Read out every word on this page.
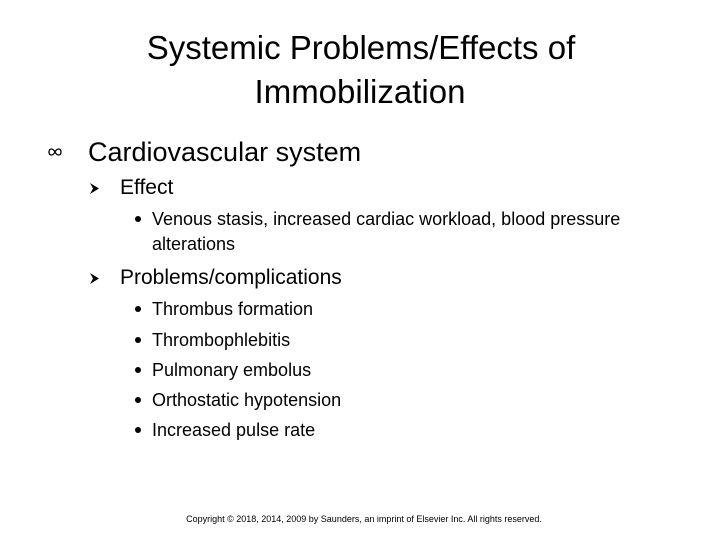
Systemic Problems/Effects of
Immobilization
Cardiovascular system
Effect
Venous stasis, increased cardiac workload, blood pressure alterations
Problems/complications
Thrombus formation
Thrombophlebitis
Pulmonary embolus
Orthostatic hypotension
Increased pulse rate
Copyright © 2018, 2014, 2009 by Saunders, an imprint of Elsevier Inc. All rights reserved.
